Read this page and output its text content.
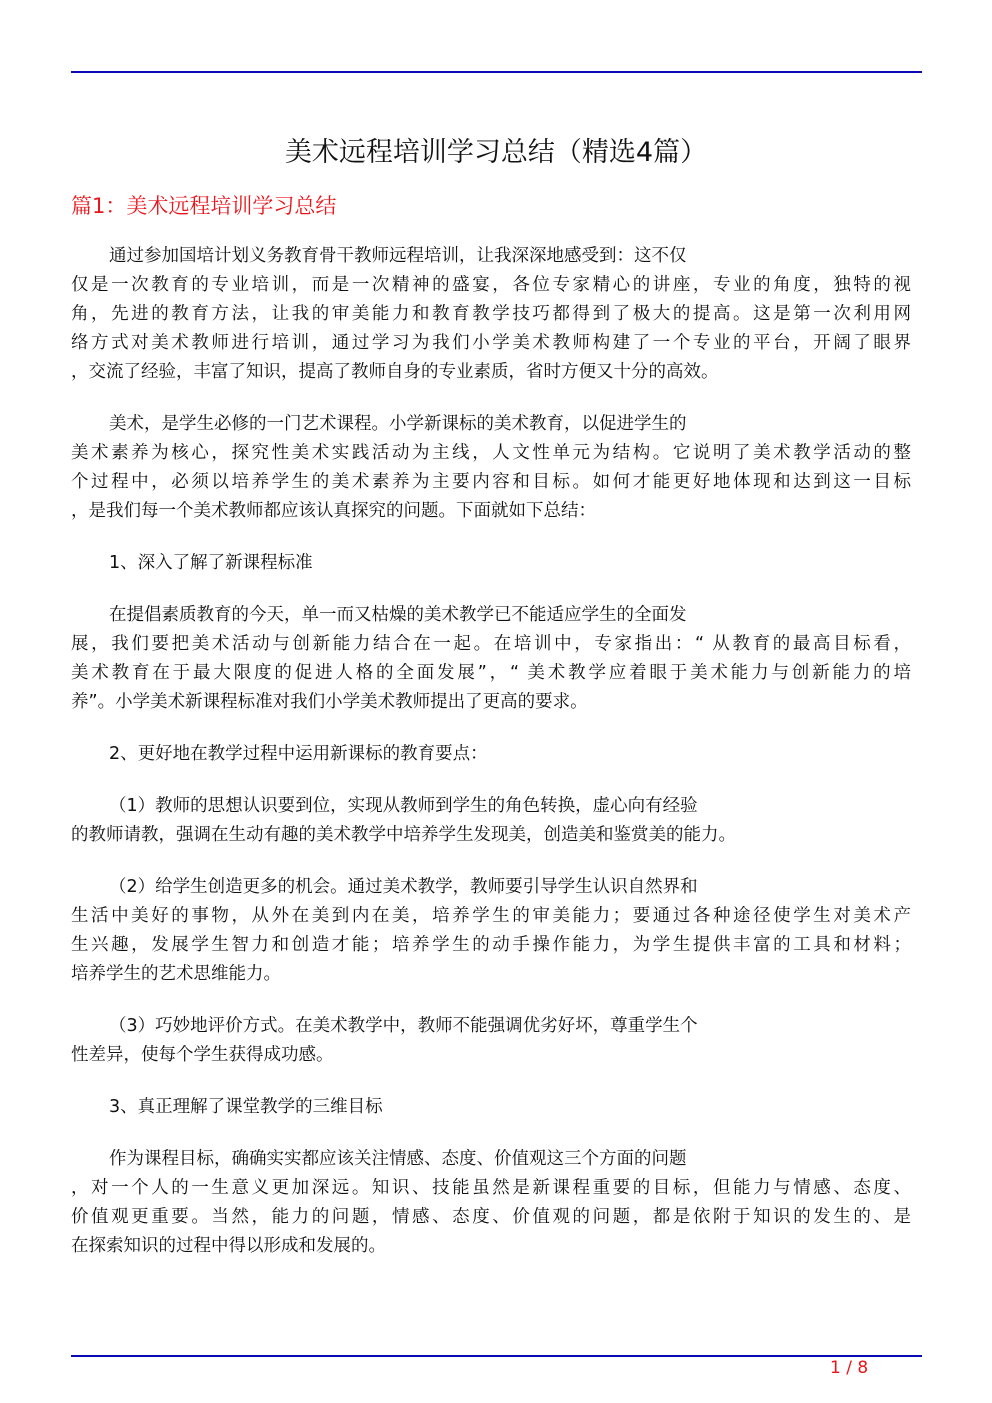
美术远程培训学习总结（精选4篇）
篇1：美术远程培训学习总结
通过参加国培计划义务教育骨干教师远程培训，让我深深地感受到：这不仅
仅是一次教育的专业培训，而是一次精神的盛宴，各位专家精心的讲座，专业的角度，独特的视
角，先进的教育方法，让我的审美能力和教育教学技巧都得到了极大的提高。这是第一次利用网
络方式对美术教师进行培训，通过学习为我们小学美术教师构建了一个专业的平台，开阔了眼界
，交流了经验，丰富了知识，提高了教师自身的专业素质，省时方便又十分的高效。
美术，是学生必修的一门艺术课程。小学新课标的美术教育，以促进学生的
美术素养为核心，探究性美术实践活动为主线，人文性单元为结构。它说明了美术教学活动的整
个过程中，必须以培养学生的美术素养为主要内容和目标。如何才能更好地体现和达到这一目标
，是我们每一个美术教师都应该认真探究的问题。下面就如下总结：
1、深入了解了新课程标准
在提倡素质教育的今天，单一而又枯燥的美术教学已不能适应学生的全面发
展，我们要把美术活动与创新能力结合在一起。在培训中，专家指出：“ 从教育的最高目标看，
美术教育在于最大限度的促进人格的全面发展”，“ 美术教学应着眼于美术能力与创新能力的培
养”。小学美术新课程标准对我们小学美术教师提出了更高的要求。
2、更好地在教学过程中运用新课标的教育要点：
（1）教师的思想认识要到位，实现从教师到学生的角色转换，虚心向有经验
的教师请教，强调在生动有趣的美术教学中培养学生发现美，创造美和鉴赏美的能力。
（2）给学生创造更多的机会。通过美术教学，教师要引导学生认识自然界和
生活中美好的事物，从外在美到内在美，培养学生的审美能力；要通过各种途径使学生对美术产
生兴趣，发展学生智力和创造才能；培养学生的动手操作能力，为学生提供丰富的工具和材料；
培养学生的艺术思维能力。
（3）巧妙地评价方式。在美术教学中，教师不能强调优劣好坏，尊重学生个
性差异，使每个学生获得成功感。
3、真正理解了课堂教学的三维目标
作为课程目标，确确实实都应该关注情感、态度、价值观这三个方面的问题
，对一个人的一生意义更加深远。知识、技能虽然是新课程重要的目标，但能力与情感、态度、
价值观更重要。当然，能力的问题，情感、态度、价值观的问题，都是依附于知识的发生的、是
在探索知识的过程中得以形成和发展的。
1 / 8
